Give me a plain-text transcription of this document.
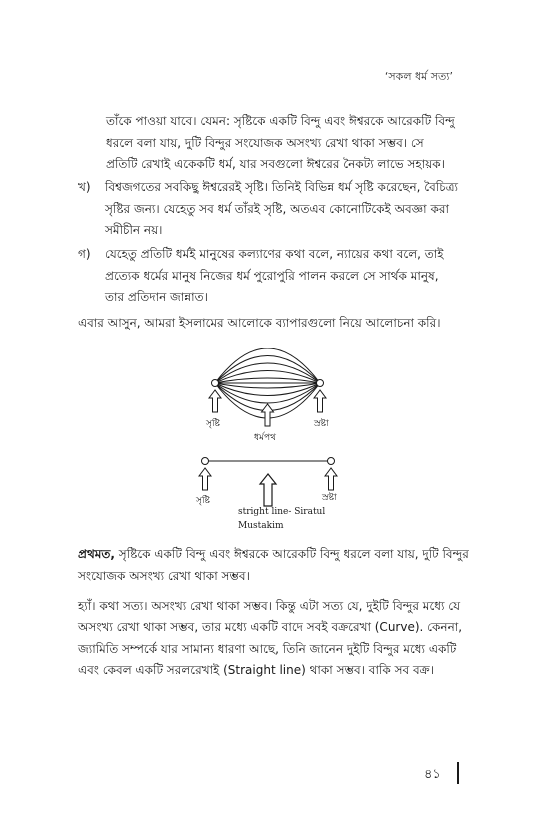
‘সকল ধর্ম সত্য’

তাঁকে পাওয়া যাবে। যেমন: সৃষ্টিকে একটি বিন্দু এবং ঈশ্বরকে আরেকটি বিন্দু ধরলে বলা যায়, দুটি বিন্দুর সংযোজক অসংখ্য রেখা থাকা সম্ভব। সে প্রতিটি রেখাই একেকটি ধর্ম, যার সবগুলো ঈশ্বরের নৈকট্য লাভে সহায়ক।

খ) বিশ্বজগতের সবকিছু ঈশ্বরেরই সৃষ্টি। তিনিই বিভিন্ন ধর্ম সৃষ্টি করেছেন, বৈচিত্র্য সৃষ্টির জন্য। যেহেতু সব ধর্ম তাঁরই সৃষ্টি, অতএব কোনোটিকেই অবজ্ঞা করা সমীচীন নয়।
গ) যেহেতু প্রতিটি ধর্মই মানুষের কল্যাণের কথা বলে, ন্যায়ের কথা বলে, তাই প্রত্যেক ধর্মের মানুষ নিজের ধর্ম পুরোপুরি পালন করলে সে সার্থক মানুষ, তার প্রতিদান জান্নাত।

এবার আসুন, আমরা ইসলামের আলোকে ব্যাপারগুলো নিয়ে আলোচনা করি।

সৃষ্টি	স্রষ্টা
ধর্মপথ
সৃষ্টি	স্রষ্টা
stright line- Siratul
Mustakim

প্রথমত, সৃষ্টিকে একটি বিন্দু এবং ঈশ্বরকে আরেকটি বিন্দু ধরলে বলা যায়, দুটি বিন্দুর সংযোজক অসংখ্য রেখা থাকা সম্ভব।

হ্যাঁ। কথা সত্য। অসংখ্য রেখা থাকা সম্ভব। কিন্তু এটা সত্য যে, দুইটি বিন্দুর মধ্যে যে অসংখ্য রেখা থাকা সম্ভব, তার মধ্যে একটি বাদে সবই বক্ররেখা (Curve). কেননা, জ্যামিতি সম্পর্কে যার সামান্য ধারণা আছে, তিনি জানেন দুইটি বিন্দুর মধ্যে একটি এবং কেবল একটি সরলরেখাই (Straight line) থাকা সম্ভব। বাকি সব বক্র।

৪১
